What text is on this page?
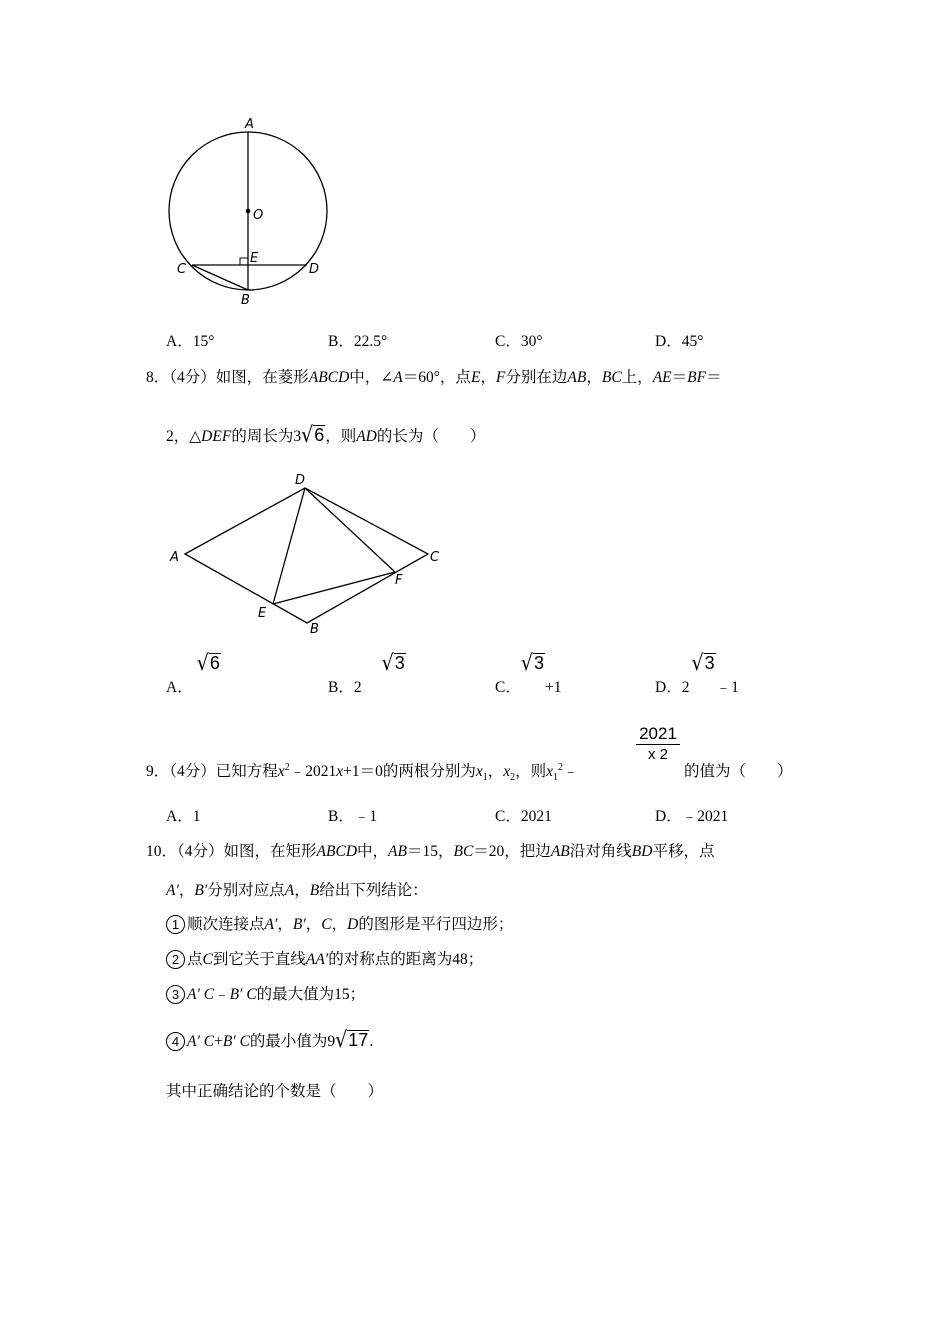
A
O
E
C	D
B
A．15°	B．22.5°	C．30°	D．45°
8．（4分）如图，在菱形ABCD中，∠A＝60°，点E，F分别在边AB，BC上，AE＝BF＝
2，△DEF的周长为3√6，则AD的长为（　　）
D
A	C
F
E
B
A．√6
B．2√3
C．√3+1	D．2√3﹣1
9．（4分）已知方程$x^2﹣2021x+1=0$的两根分别为$x_1$，$x_2$，则$x_1^2﹣$
$\frac{2021}{x 2}$
的值为（　　）
A．1	B．﹣1	C．2021	D．﹣2021
10．（4分）如图，在矩形ABCD中，AB＝15，BC＝20，把边AB沿对角线BD平移，点
A′，B′分别对应点A，B给出下列结论：
1 顺次连接点A′，B′，C，D的图形是平行四边形；
2 点C到它关于直线AA′的对称点的距离为48；
3 A′ C﹣B′ C的最大值为15；
4 A′ C+B′ C的最小值为9√17.
其中正确结论的个数是（　　）
